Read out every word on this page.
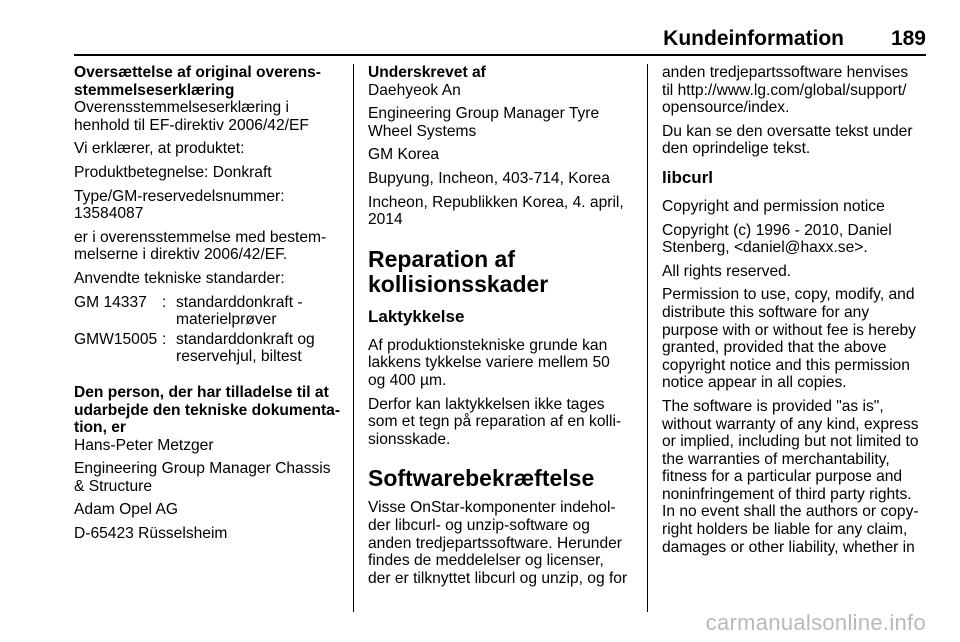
Kundeinformation 189
Oversættelse af original overens-
stemmelseserklæring

Overensstemmelseserklæring i
henhold til EF-direktiv 2006/42/EF

Vi erklærer, at produktet:

Produktbetegnelse: Donkraft

Type/GM-reservedelsnummer:
13584087

er i overensstemmelse med bestem-
melserne i direktiv 2006/42/EF.

Anvendte tekniske standarder:

GM 14337	:	standarddonkraft -
materielprøver
GMW15005	:	standarddonkraft og
reservehjul, biltest
Den person, der har tilladelse til at
udarbejde den tekniske dokumenta-
tion, er

Hans-Peter Metzger

Engineering Group Manager Chassis
& Structure

Adam Opel AG

D-65423 Rüsselsheim

Underskrevet af

Daehyeok An

Engineering Group Manager Tyre
Wheel Systems

GM Korea

Bupyung, Incheon, 403-714, Korea

Incheon, Republikken Korea, 4. april,
2014

Reparation af
kollisionsskader
Laktykkelse

Af produktionstekniske grunde kan
lakkens tykkelse variere mellem 50
og 400 µm.

Derfor kan laktykkelsen ikke tages
som et tegn på reparation af en kolli-
sionsskade.

Softwarebekræftelse

Visse OnStar-komponenter indehol-
der libcurl- og unzip-software og
anden tredjepartssoftware. Herunder
findes de meddelelser og licenser,
der er tilknyttet libcurl og unzip, og for

anden tredjepartssoftware henvises
til http://www.lg.com/global/support/
opensource/index.

Du kan se den oversatte tekst under
den oprindelige tekst.

libcurl

Copyright and permission notice

Copyright (c) 1996 - 2010, Daniel
Stenberg, <daniel@haxx.se>.

All rights reserved.

Permission to use, copy, modify, and
distribute this software for any
purpose with or without fee is hereby
granted, provided that the above
copyright notice and this permission
notice appear in all copies.

The software is provided "as is",
without warranty of any kind, express
or implied, including but not limited to
the warranties of merchantability,
fitness for a particular purpose and
noninfringement of third party rights.
In no event shall the authors or copy-
right holders be liable for any claim,
damages or other liability, whether in

carmanualsonline.info
